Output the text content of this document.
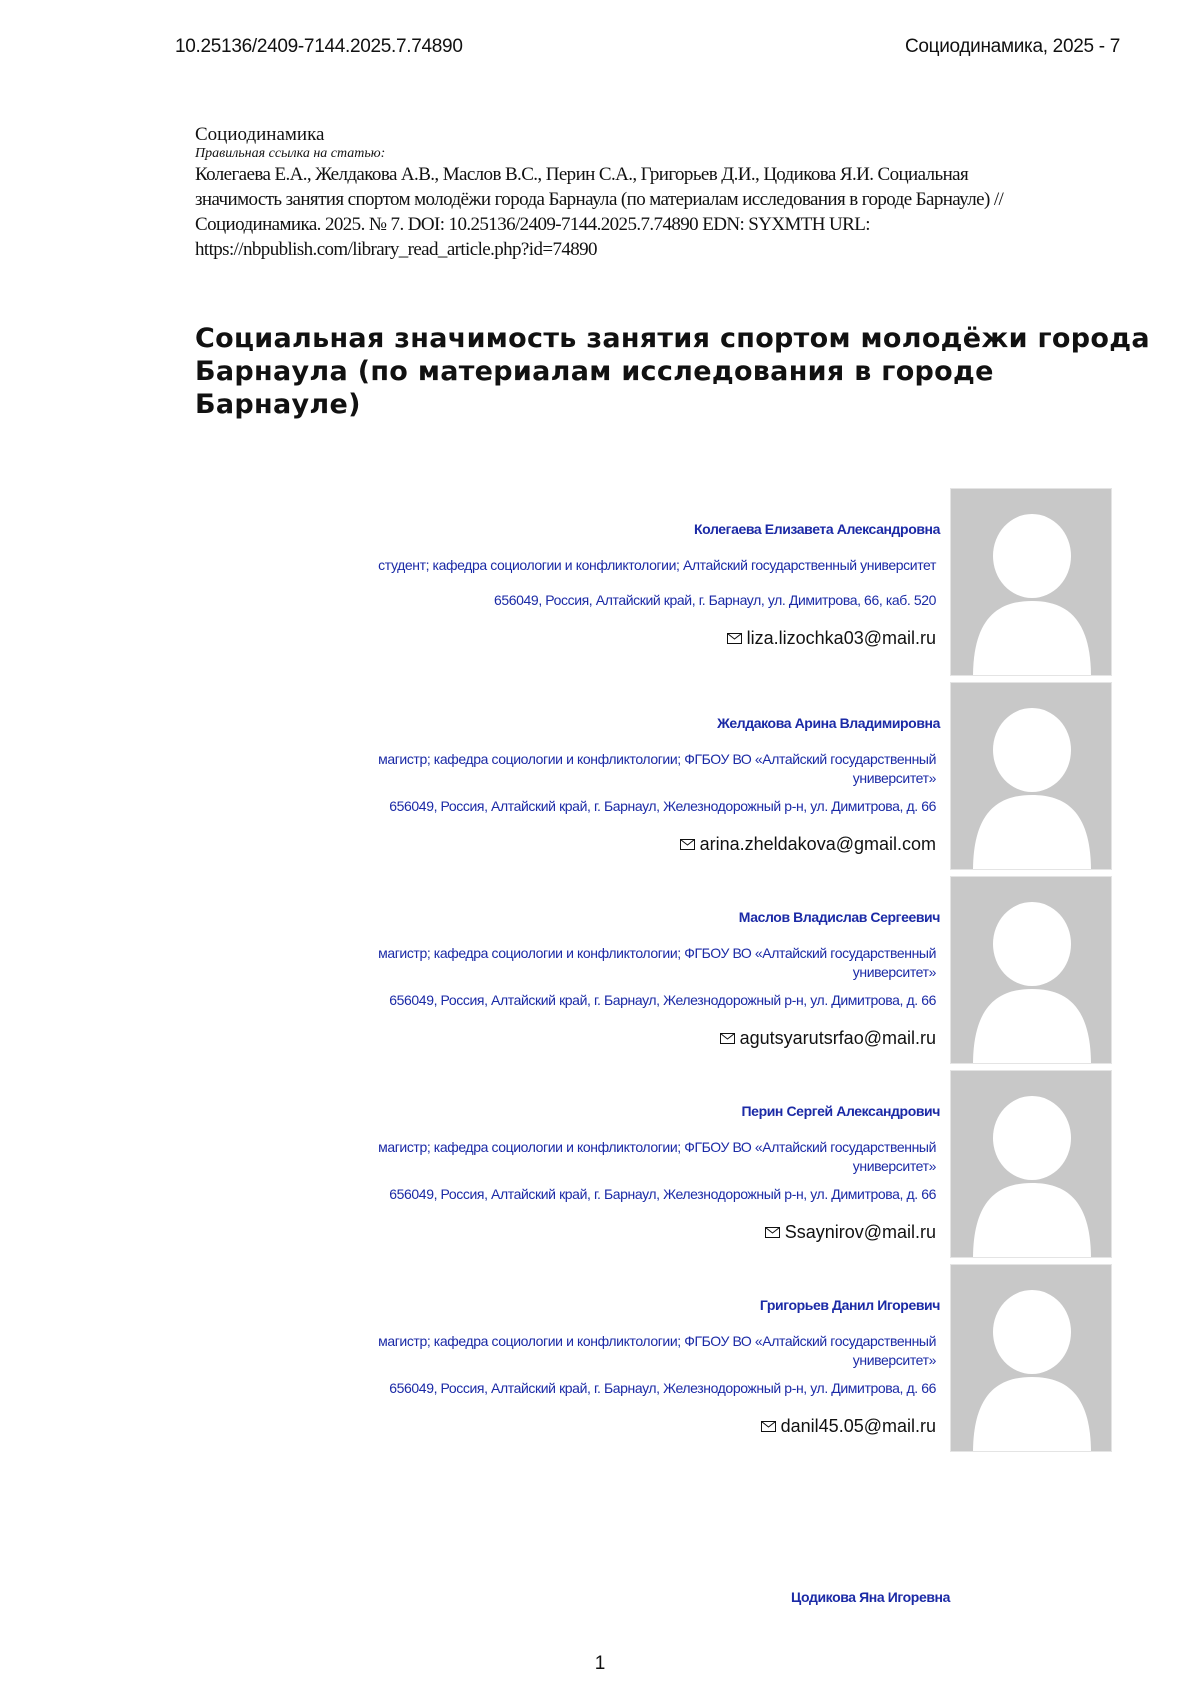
10.25136/2409-7144.2025.7.74890	Социодинамика, 2025 - 7
Социодинамика
Правильная ссылка на статью:
Колегаева Е.А., Желдакова А.В., Маслов В.С., Перин С.А., Григорьев Д.И., Цодикова Я.И. Социальная
значимость занятия спортом молодёжи города Барнаула (по материалам исследования в городе Барнауле) //
Социодинамика. 2025. № 7. DOI: 10.25136/2409-7144.2025.7.74890 EDN: SYXMTH URL:
https://nbpublish.com/library_read_article.php?id=74890
Социальная значимость занятия спортом молодёжи города Барнаула (по материалам исследования в городе Барнауле)
Колегаева Елизавета Александровна
студент; кафедра социологии и конфликтологии; Алтайский государственный университет
656049, Россия, Алтайский край, г. Барнаул, ул. Димитрова, 66, каб. 520
liza.lizochka03@mail.ru
Желдакова Арина Владимировна
магистр; кафедра социологии и конфликтологии; ФГБОУ ВО «Алтайский государственный университет»
656049, Россия, Алтайский край, г. Барнаул, Железнодорожный р-н, ул. Димитрова, д. 66
arina.zheldakova@gmail.com
Маслов Владислав Сергеевич
магистр; кафедра социологии и конфликтологии; ФГБОУ ВО «Алтайский государственный университет»
656049, Россия, Алтайский край, г. Барнаул, Железнодорожный р-н, ул. Димитрова, д. 66
agutsyarutsrfao@mail.ru
Перин Сергей Александрович
магистр; кафедра социологии и конфликтологии; ФГБОУ ВО «Алтайский государственный университет»
656049, Россия, Алтайский край, г. Барнаул, Железнодорожный р-н, ул. Димитрова, д. 66
Ssaynirov@mail.ru
Григорьев Данил Игоревич
магистр; кафедра социологии и конфликтологии; ФГБОУ ВО «Алтайский государственный университет»
656049, Россия, Алтайский край, г. Барнаул, Железнодорожный р-н, ул. Димитрова, д. 66
danil45.05@mail.ru
Цодикова Яна Игоревна
1
